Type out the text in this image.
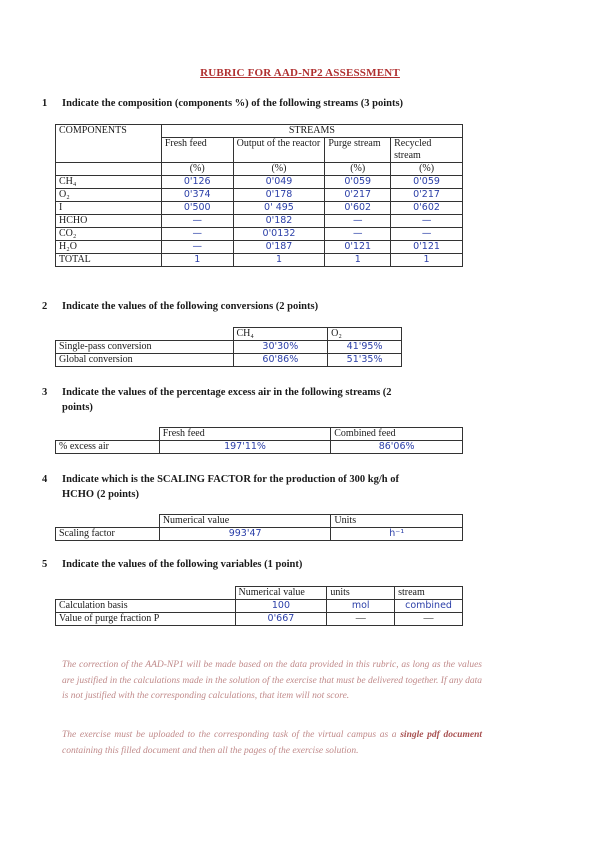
RUBRIC FOR AAD-NP2 ASSESSMENT
1 Indicate the composition (components %) of the following streams (3 points)
COMPONENTS	STREAMS			
	Fresh feed	Output of the reactor	Purge stream	Recycled stream
	(%)	(%)	(%)	(%)
CH₄	0'126	0'049	0'059	0'059
O₂	0'374	0'178	0'217	0'217
I	0'500	0' 495	0'602	0'602
HCHO	—	0'182	—	—
CO₂	—	0'0132	—	—
H₂O	—	0'187	0'121	0'121
TOTAL	1	1	1	1
2 Indicate the values of the following conversions (2 points)
	CH₄	O₂
Single-pass conversion	30'30%	41'95%
Global conversion	60'86%	51'35%
3 Indicate the values of the percentage excess air in the following streams (2
points)
	Fresh feed	Combined feed
% excess air	197'11%	86'06%
4 Indicate which is the SCALING FACTOR for the production of 300 kg/h of
HCHO (2 points)
	Numerical value	Units
Scaling factor	993'47	h⁻¹
5 Indicate the values of the following variables (1 point)
	Numerical value	units	stream
Calculation basis	100	mol	combined
Value of purge fraction P	0'667	—	—
The correction of the AAD-NP1 will be made based on the data provided in this rubric, as long as the values are justified in the calculations made in the solution of the exercise that must be delivered together. If any data is not justified with the corresponding calculations, that item will not score.
The exercise must be uploaded to the corresponding task of the virtual campus as a single pdf document containing this filled document and then all the pages of the exercise solution.
